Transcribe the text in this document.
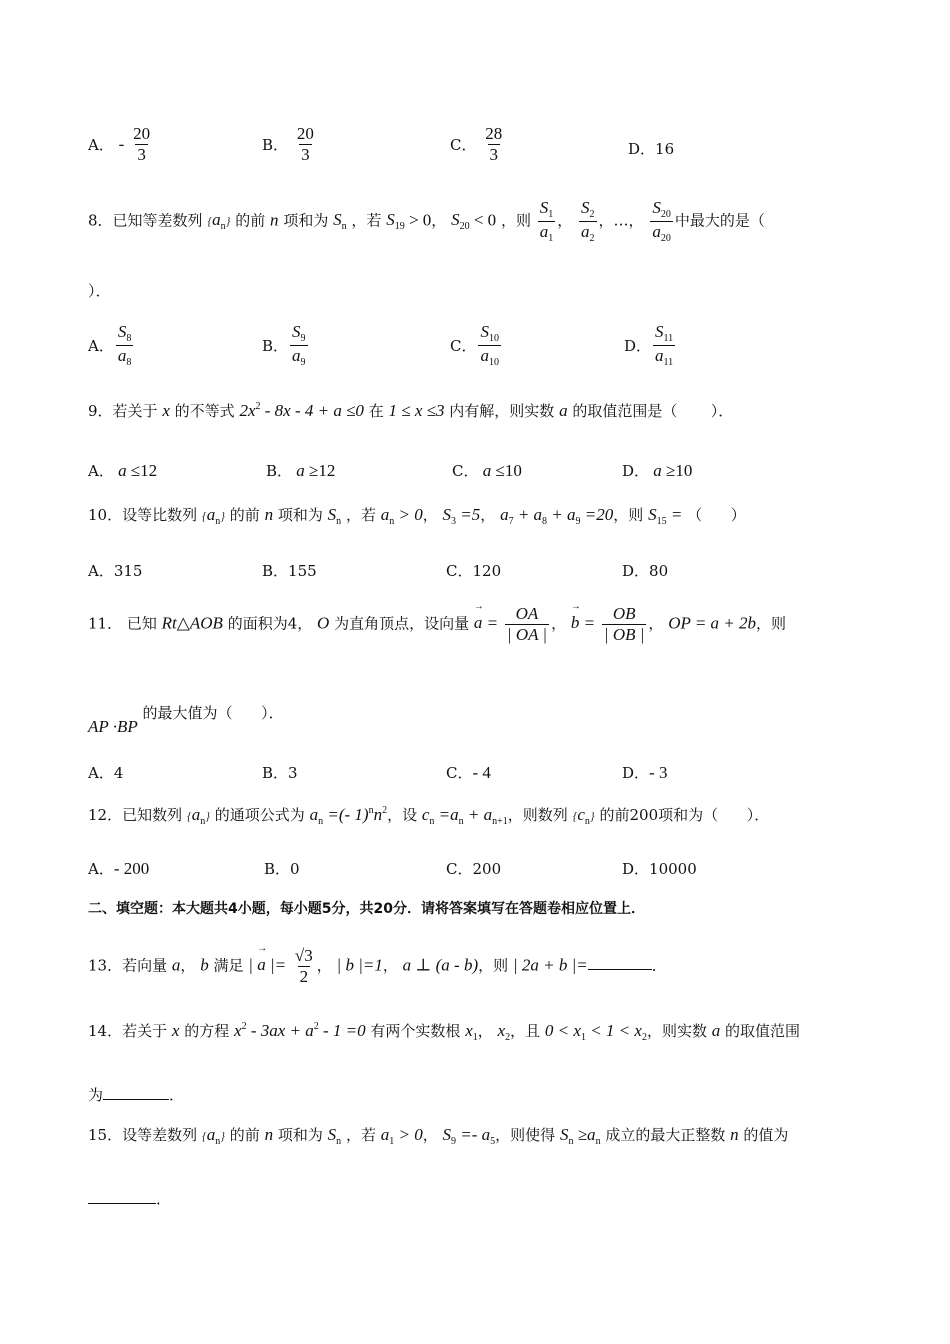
A． - $\frac{20}{3}$	B． $\frac{20}{3}$	C． $\frac{28}{3}$	D．16
8．已知等差数列 $\{a_n\}$ 的前 n 项和为 $S_n$ ，若 $S_{19} > 0$， $S_{20} < 0$ ，则 $\frac{S_1}{a_1}$ ， $\frac{S_2}{a_2}$ ，…， $\frac{S_{20}}{a_{20}}$ 中最大的是（
）．
A． $\frac{S_8}{a_8}$	B． $\frac{S_9}{a_9}$	C． $\frac{S_{10}}{a_{10}}$	D． $\frac{S_{11}}{a_{11}}$
9．若关于 x 的不等式 $2x^2 - 8x - 4 + a \le 0$ 在 1 ≤ x ≤3 内有解，则实数 a 的取值范围是（ ）．
A． a ≤12	B． a ≥12	C． a ≤10	D． a ≥10
10．设等比数列 $\{a_n\}$ 的前 n 项和为 $S_n$ ，若 $a_n > 0$， $S_3 =5$， $a_7 + a_8 + a_9 =20$，则 $S_{15}$ = （ ）
A．315	B．155	C．120	D．80
11． 已知 Rt△AOB 的面积为4， O 为直角顶点，设向量 → $a = \frac{OA}{| OA |}$ ， → $b = \frac{OB}{| OB |}$ ， OP = a + 2b，则
AP ·BP 的最大值为（ ）．
A．4	B．3	C．- 4	D．- 3
12．已知数列 $\{a_n\}$ 的通项公式为 $a_n$ =(- $1)^nn^2$，设 $c_n =a_n + a_{n+1}$，则数列 $\{c_n\}$ 的前200项和为（ ）．
A．- 200	B．0	C．200	D．10000
二、填空题：本大题共4小题，每小题5分，共20分．请将答案填写在答题卷相应位置上．
13．若向量 a， b 满足 | → a |= $\frac{√3}{2}$ ， | b |=1， a ⊥ (a - b)，则 | 2a + b |=	．
14．若关于 x 的方程 $x^2 - 3ax + a^2 - 1 =0$ 有两个实数根 $x_1$， $x_2$，且 $0 < x_1 < 1 < x_2$，则实数 a 的取值范围
为	．
15．设等差数列 $\{a_n\}$ 的前 n 项和为 $S_n$ ，若 $a_1 > 0$， $S_9 =- a_5$，则使得 $S_n \ge a_n$ 成立的最大正整数 n 的值为
．
